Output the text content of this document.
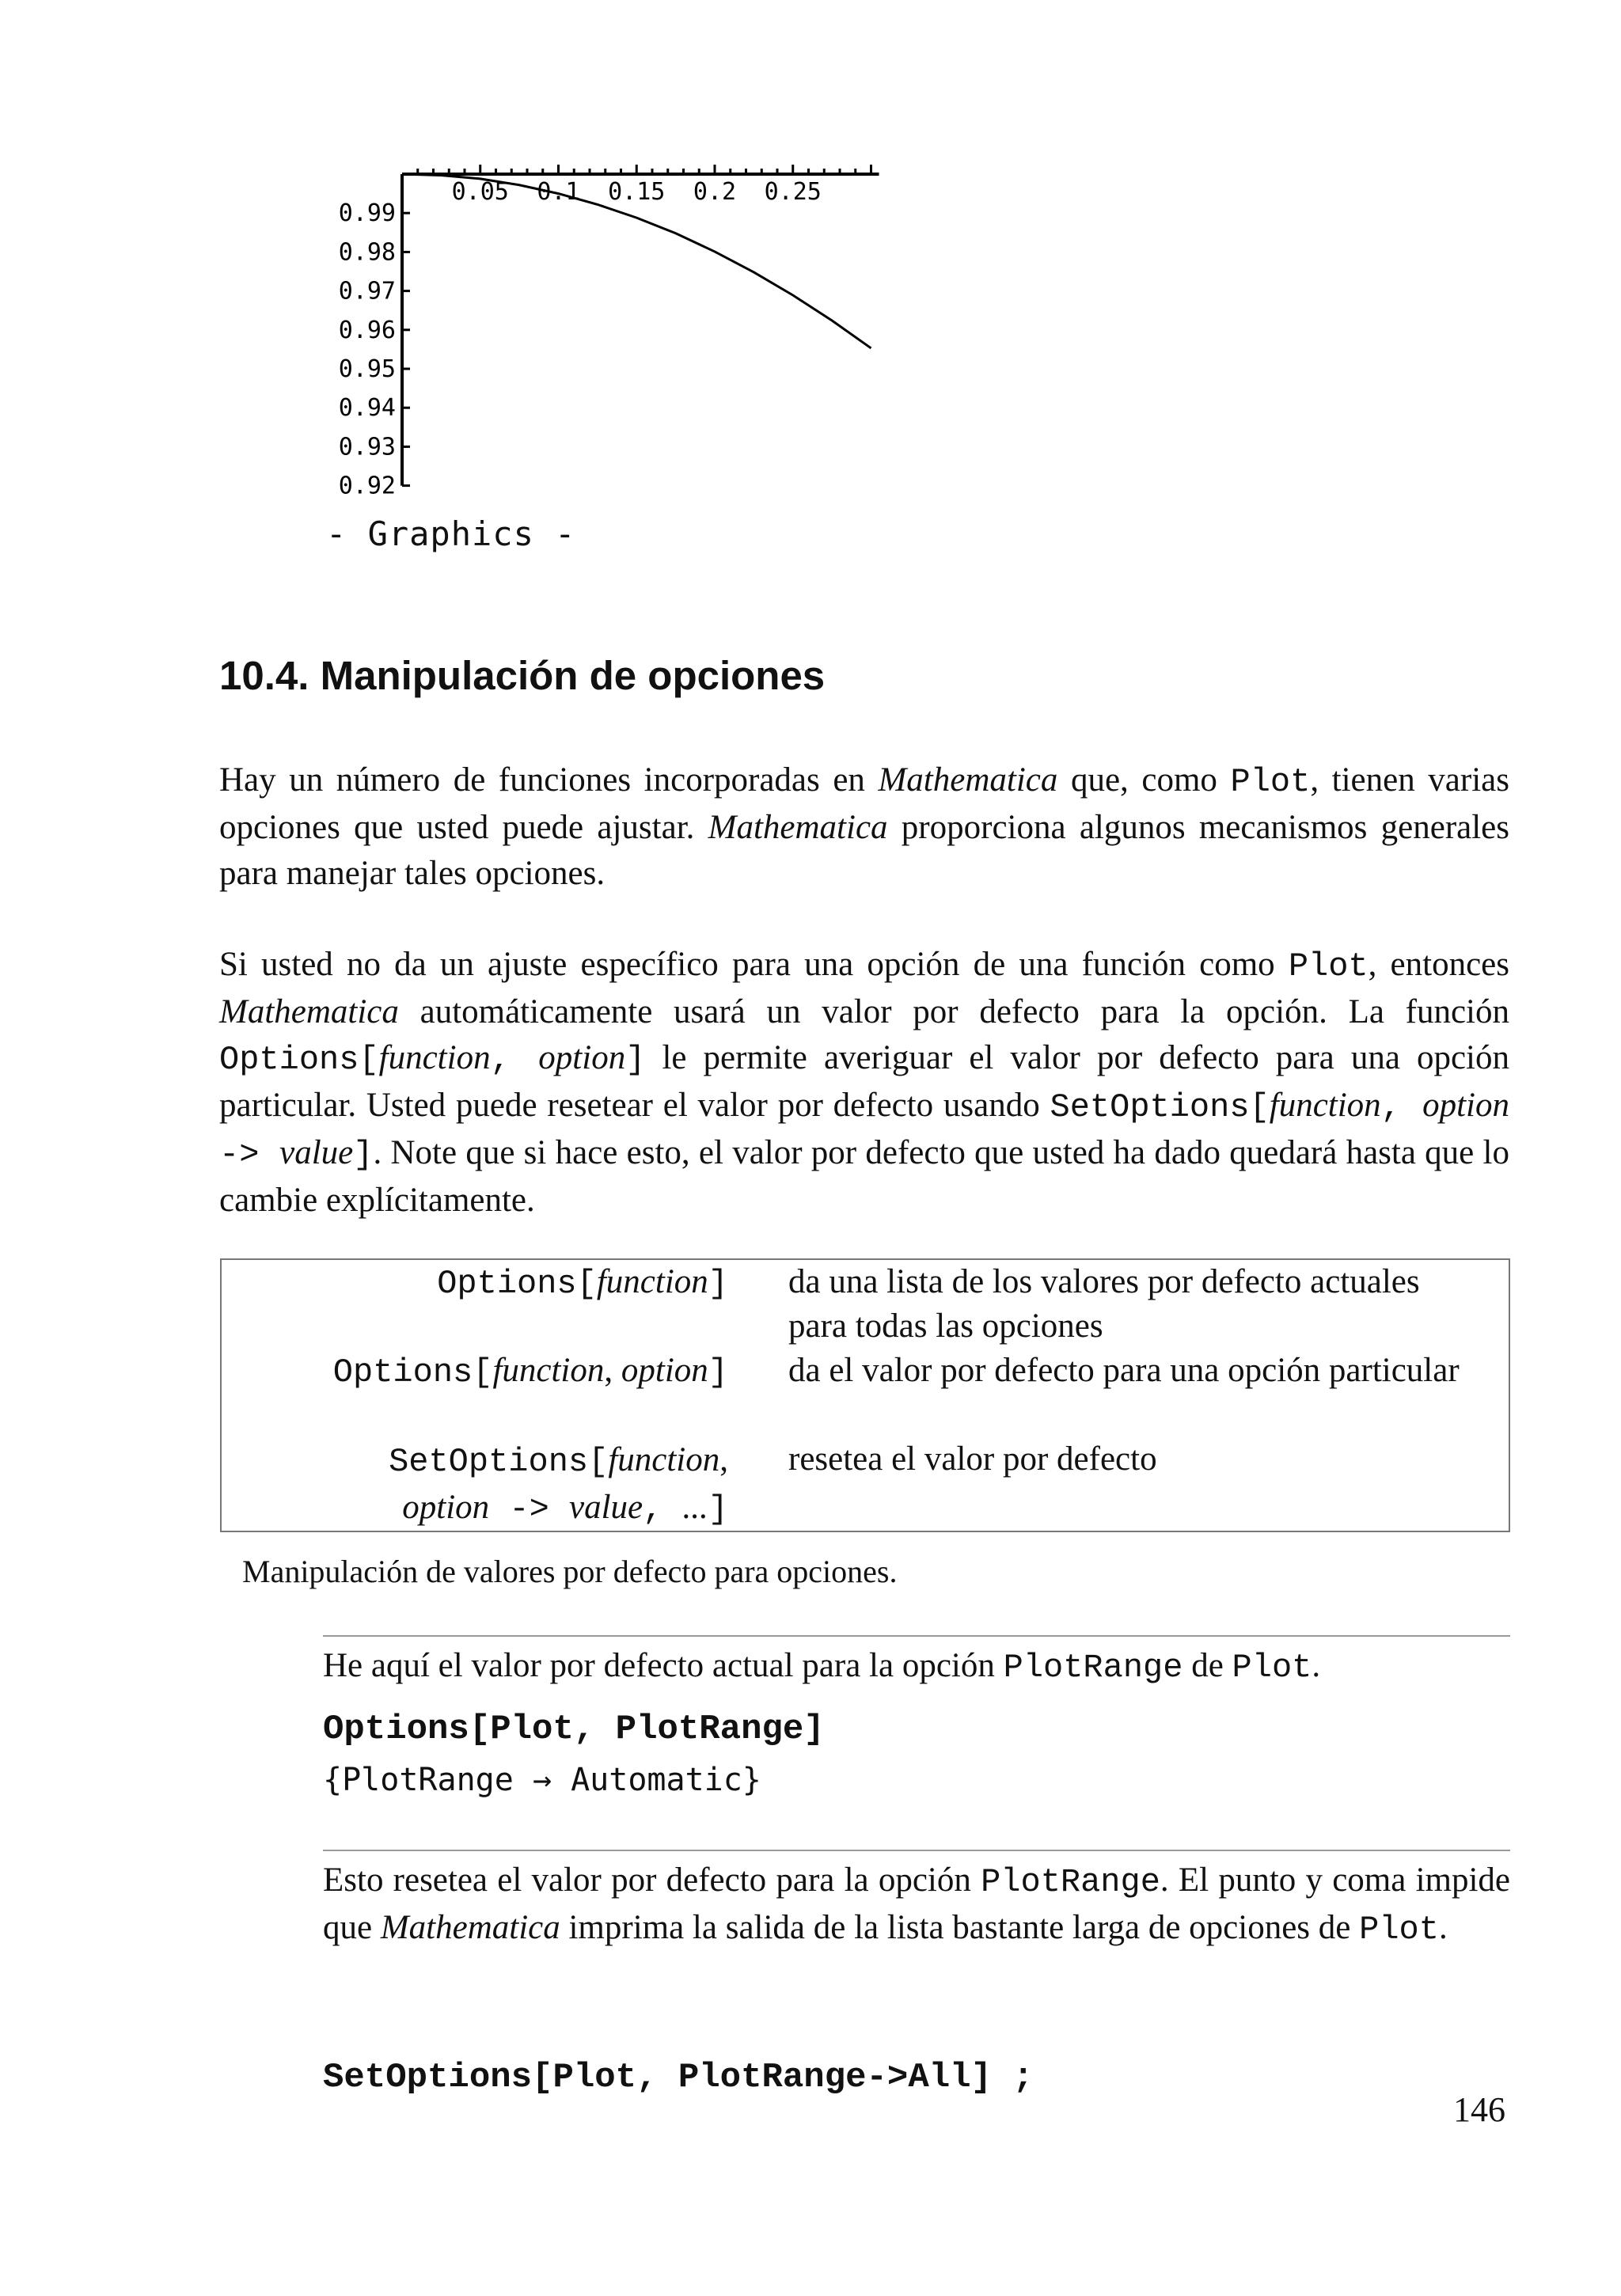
0.99
0.98
0.97
0.96
0.95
0.94
0.93
0.92
0.05 0.1 0.15 0.2 0.25
- Graphics -
10.4. Manipulación de opciones

Hay un número de funciones incorporadas en Mathematica que, como Plot, tienen varias opciones que usted puede ajustar. Mathematica proporciona algunos mecanismos generales para manejar tales opciones.

Si usted no da un ajuste específico para una opción de una función como Plot, entonces Mathematica automáticamente usará un valor por defecto para la opción. La función Options[function, option] le permite averiguar el valor por defecto para una opción particular. Usted puede resetear el valor por defecto usando SetOptions[function, option -> value]. Note que si hace esto, el valor por defecto que usted ha dado quedará hasta que lo cambie explícitamente.

Options[function] da una lista de los valores por defecto actuales para todas las opciones
Options[function, option] da el valor por defecto para una opción particular
SetOptions[function,
option -> value, ...]
resetea el valor por defecto
Manipulación de valores por defecto para opciones.

He aquí el valor por defecto actual para la opción PlotRange de Plot.

Options[Plot, PlotRange]
{PlotRange → Automatic}

Esto resetea el valor por defecto para la opción PlotRange. El punto y coma impide que Mathematica imprima la salida de la lista bastante larga de opciones de Plot.

SetOptions[Plot, PlotRange->All] ;
146
